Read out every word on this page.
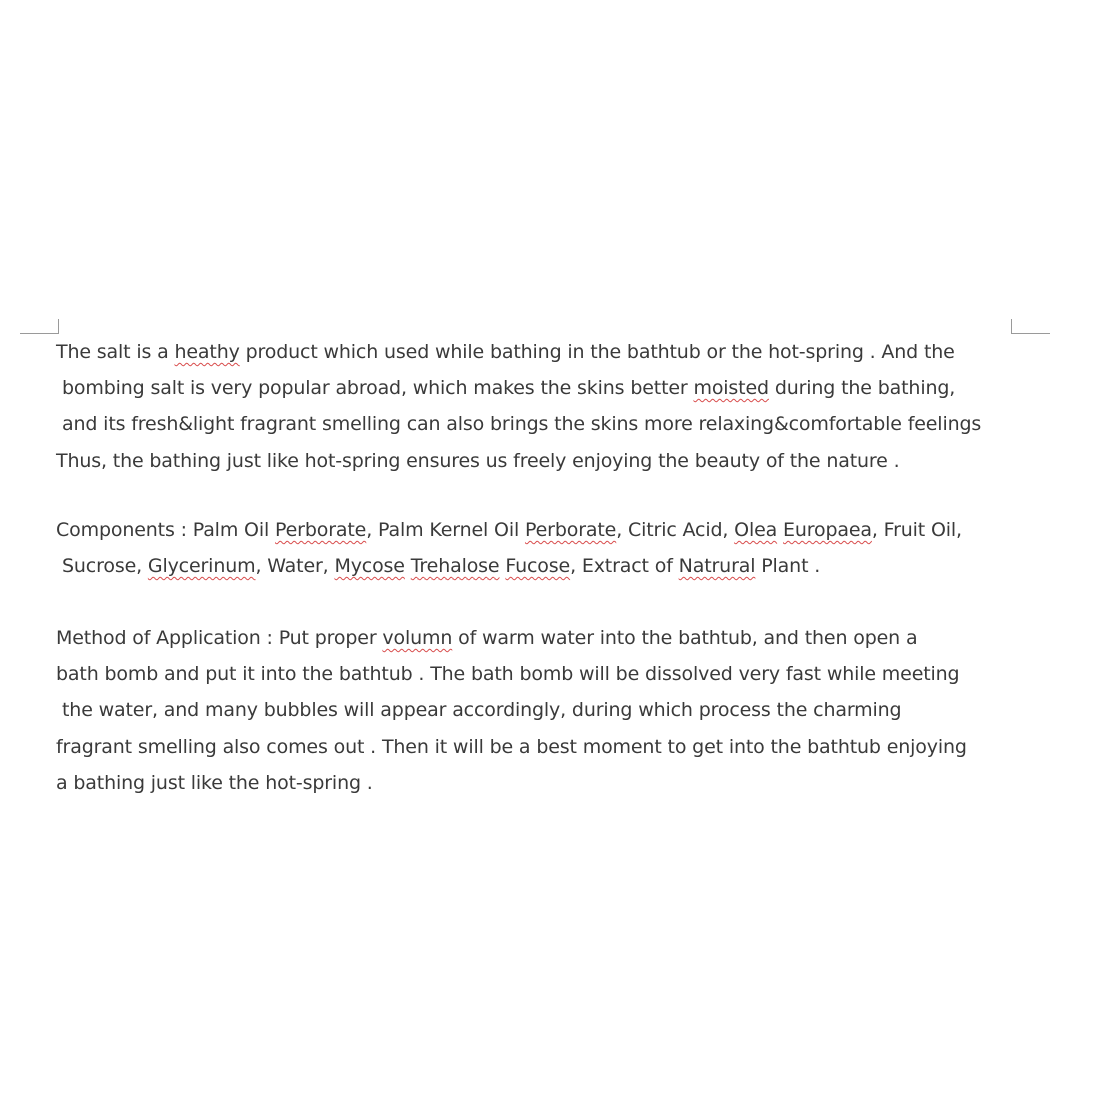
The salt is a heathy product which used while bathing in the bathtub or the hot-spring . And the
bombing salt is very popular abroad, which makes the skins better moisted during the bathing,
and its fresh&light fragrant smelling can also brings the skins more relaxing&comfortable feelings
Thus, the bathing just like hot-spring ensures us freely enjoying the beauty of the nature .
Components : Palm Oil Perborate, Palm Kernel Oil Perborate, Citric Acid, Olea Europaea, Fruit Oil,
Sucrose, Glycerinum, Water, Mycose Trehalose Fucose, Extract of Natrural Plant .
Method of Application : Put proper volumn of warm water into the bathtub, and then open a
bath bomb and put it into the bathtub . The bath bomb will be dissolved very fast while meeting
the water, and many bubbles will appear accordingly, during which process the charming
fragrant smelling also comes out . Then it will be a best moment to get into the bathtub enjoying
a bathing just like the hot-spring .
